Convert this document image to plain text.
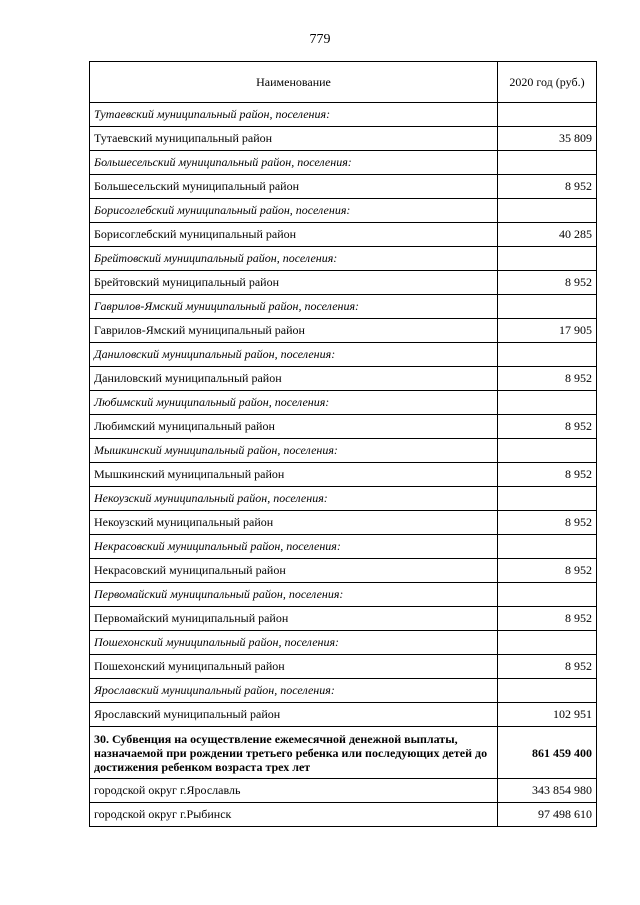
779
Наименование	2020 год (руб.)
Тутаевский муниципальный район, поселения:	
Тутаевский муниципальный район	35 809
Большесельский муниципальный район, поселения:	
Большесельский муниципальный район	8 952
Борисоглебский муниципальный район, поселения:	
Борисоглебский муниципальный район	40 285
Брейтовский муниципальный район, поселения:	
Брейтовский муниципальный район	8 952
Гаврилов-Ямский муниципальный район, поселения:	
Гаврилов-Ямский муниципальный район	17 905
Даниловский муниципальный район, поселения:	
Даниловский муниципальный район	8 952
Любимский муниципальный район, поселения:	
Любимский муниципальный район	8 952
Мышкинский муниципальный район, поселения:	
Мышкинский муниципальный район	8 952
Некоузский муниципальный район, поселения:	
Некоузский муниципальный район	8 952
Некрасовский муниципальный район, поселения:	
Некрасовский муниципальный район	8 952
Первомайский муниципальный район, поселения:	
Первомайский муниципальный район	8 952
Пошехонский муниципальный район, поселения:	
Пошехонский муниципальный район	8 952
Ярославский муниципальный район, поселения:	
Ярославский муниципальный район	102 951
30. Субвенция на осуществление ежемесячной денежной выплаты, назначаемой при рождении третьего ребенка или последующих детей до достижения ребенком возраста трех лет	861 459 400
городской округ г.Ярославль	343 854 980
городской округ г.Рыбинск	97 498 610
